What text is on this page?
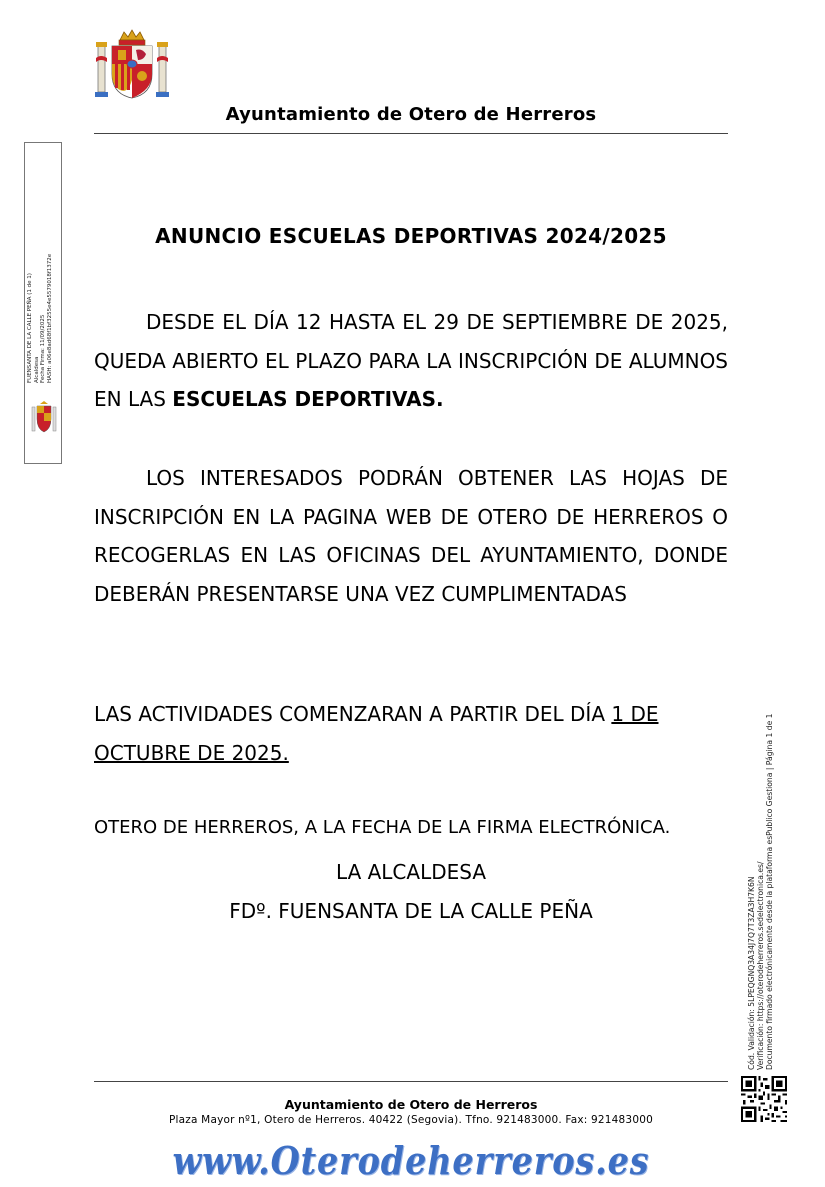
Ayuntamiento de Otero de Herreros
FUENSANTA DE LA CALLE PEÑA (1 de 1) Alcaldesa Fecha Firma: 11/09/2025 HASH: a06e8ad68f1bf3255e4e5579018f1372e
ANUNCIO ESCUELAS DEPORTIVAS 2024/2025
DESDE EL DÍA 12 HASTA EL 29 DE SEPTIEMBRE DE 2025, QUEDA ABIERTO EL PLAZO PARA LA INSCRIPCIÓN DE ALUMNOS EN LAS ESCUELAS DEPORTIVAS.
LOS INTERESADOS PODRÁN OBTENER LAS HOJAS DE INSCRIPCIÓN EN LA PAGINA WEB DE OTERO DE HERREROS O RECOGERLAS EN LAS OFICINAS DEL AYUNTAMIENTO, DONDE DEBERÁN PRESENTARSE UNA VEZ CUMPLIMENTADAS
LAS ACTIVIDADES COMENZARAN A PARTIR DEL DÍA 1 DE OCTUBRE DE 2025.
OTERO DE HERREROS, A LA FECHA DE LA FIRMA ELECTRÓNICA.
LA ALCALDESA
FDº. FUENSANTA DE LA CALLE PEÑA	Cód. Validación: 5LPEQGNQ3A34J7Q7T3ZA3H7K6N Verificación: https://oterodeherreros.sedelectronica.es/ Documento firmado electrónicamente desde la plataforma esPublico Gestiona | Página 1 de 1
Ayuntamiento de Otero de Herreros
Plaza Mayor nº1, Otero de Herreros. 40422 (Segovia). Tfno. 921483000. Fax: 921483000
www.Oterodeherreros.es
